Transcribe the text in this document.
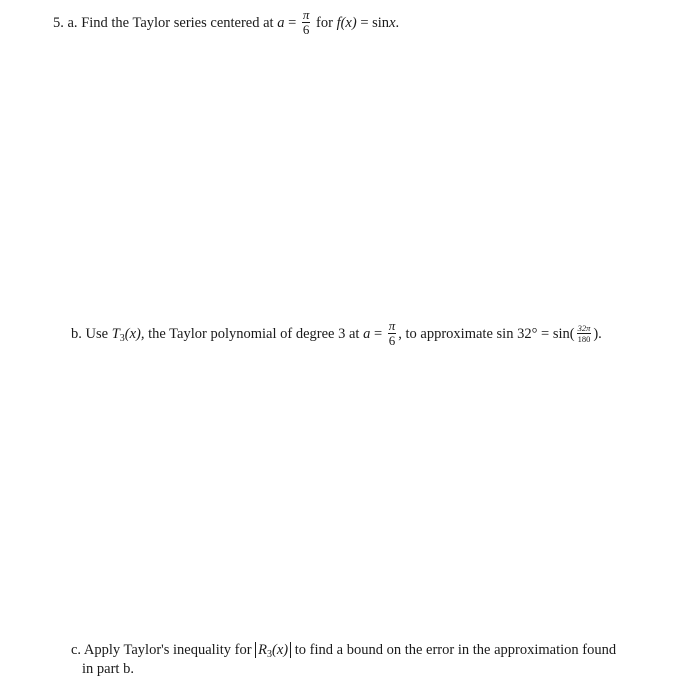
5. a. Find the Taylor series centered at $a = \frac{\pi}{6}$ for f(x) = sinx.
b. Use $T_3(x)$, the Taylor polynomial of degree 3 at $a = \frac{\pi}{6}$ , to approximate $\sin 32^\circ = \sin( \frac{32\pi}{180}$ ).
c. Apply Taylor's inequality for $R_3(x)$ to find a bound on the error in the approximation found
in part b.
